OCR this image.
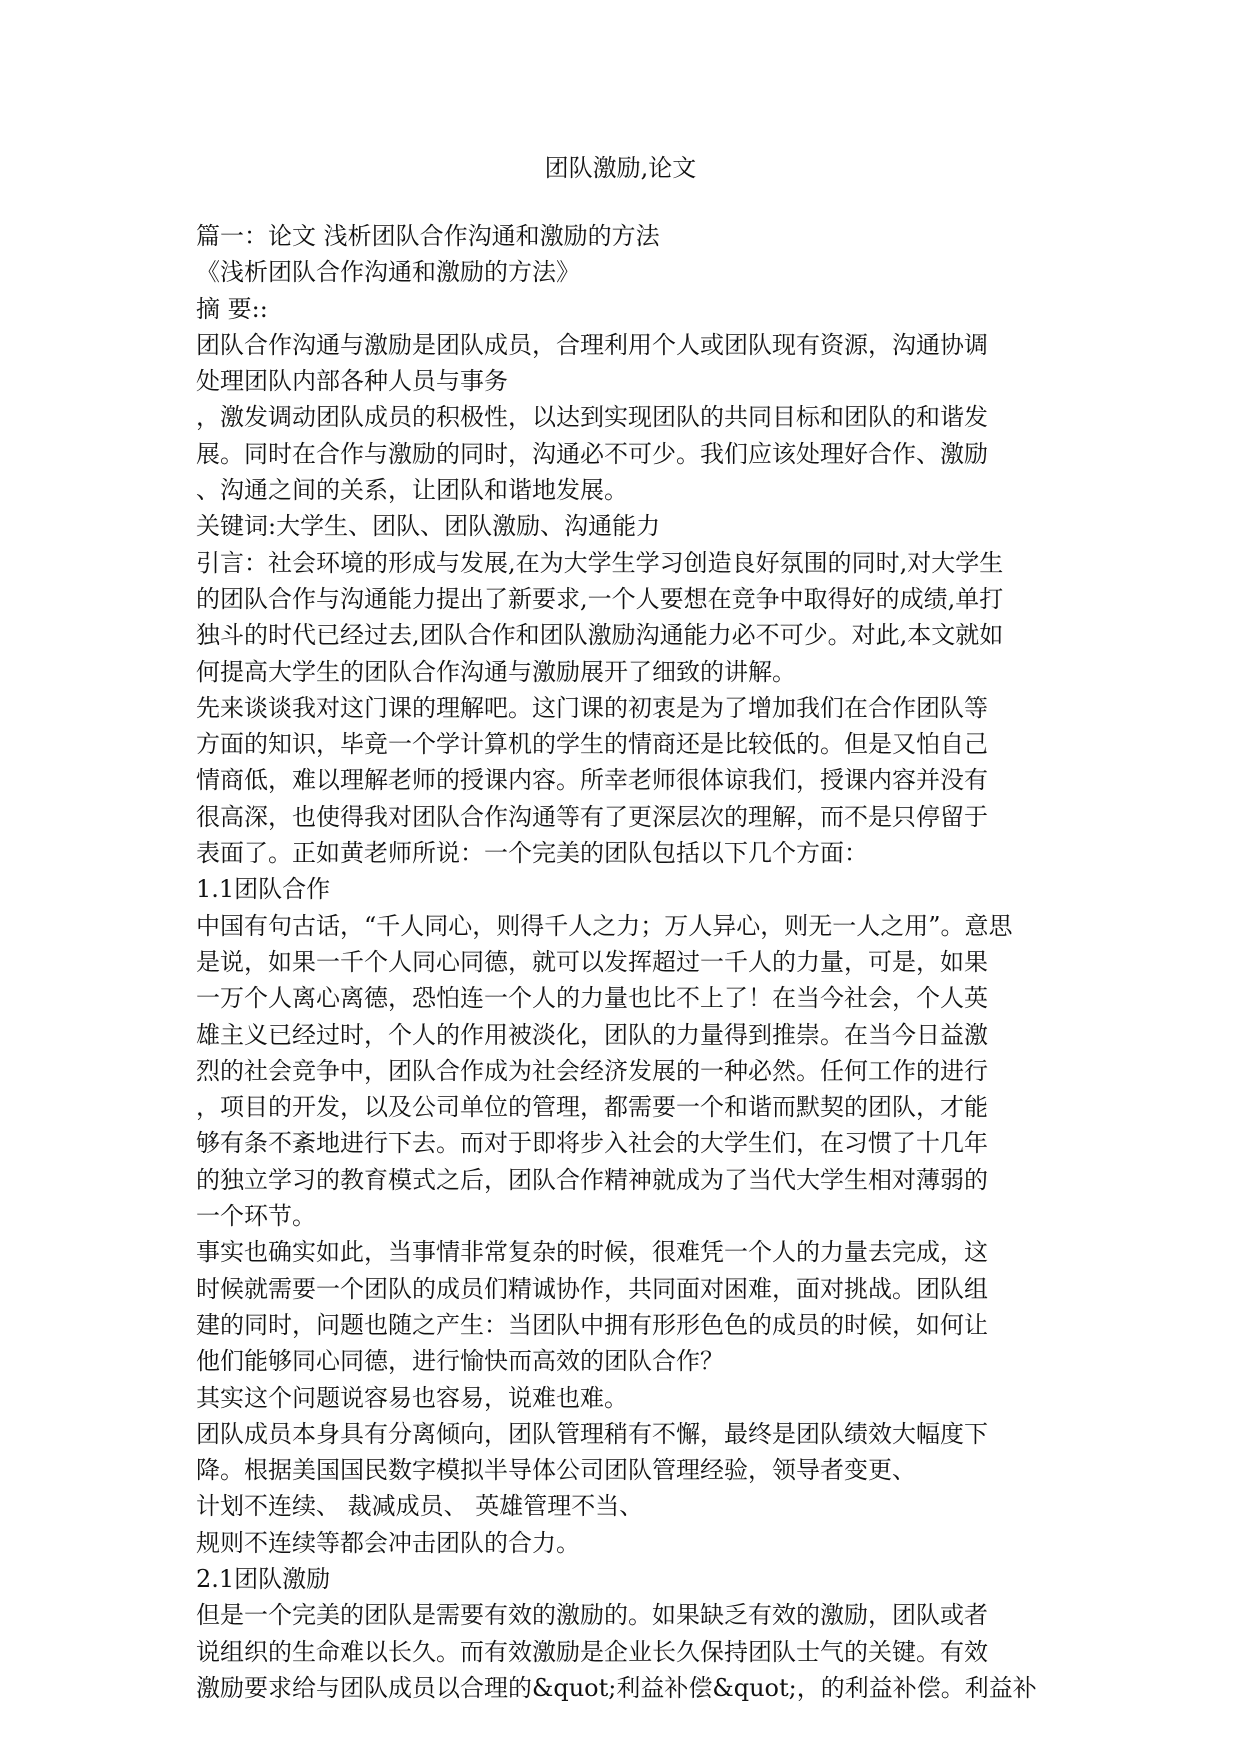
团队激励,论文
篇一：论文 浅析团队合作沟通和激励的方法
《浅析团队合作沟通和激励的方法》
摘 要::
团队合作沟通与激励是团队成员，合理利用个人或团队现有资源，沟通协调
处理团队内部各种人员与事务
，激发调动团队成员的积极性，以达到实现团队的共同目标和团队的和谐发
展。同时在合作与激励的同时，沟通必不可少。我们应该处理好合作、激励
、沟通之间的关系，让团队和谐地发展。
关键词:大学生、团队、团队激励、沟通能力
引言：社会环境的形成与发展,在为大学生学习创造良好氛围的同时,对大学生
的团队合作与沟通能力提出了新要求,一个人要想在竞争中取得好的成绩,单打
独斗的时代已经过去,团队合作和团队激励沟通能力必不可少。对此,本文就如
何提高大学生的团队合作沟通与激励展开了细致的讲解。
先来谈谈我对这门课的理解吧。这门课的初衷是为了增加我们在合作团队等
方面的知识，毕竟一个学计算机的学生的情商还是比较低的。但是又怕自己
情商低，难以理解老师的授课内容。所幸老师很体谅我们，授课内容并没有
很高深，也使得我对团队合作沟通等有了更深层次的理解，而不是只停留于
表面了。正如黄老师所说：一个完美的团队包括以下几个方面：
1.1团队合作
中国有句古话，“千人同心，则得千人之力；万人异心，则无一人之用”。意思
是说，如果一千个人同心同德，就可以发挥超过一千人的力量，可是，如果
一万个人离心离德，恐怕连一个人的力量也比不上了！在当今社会，个人英
雄主义已经过时，个人的作用被淡化，团队的力量得到推崇。在当今日益激
烈的社会竞争中，团队合作成为社会经济发展的一种必然。任何工作的进行
，项目的开发，以及公司单位的管理，都需要一个和谐而默契的团队，才能
够有条不紊地进行下去。而对于即将步入社会的大学生们，在习惯了十几年
的独立学习的教育模式之后，团队合作精神就成为了当代大学生相对薄弱的
一个环节。
事实也确实如此，当事情非常复杂的时候，很难凭一个人的力量去完成，这
时候就需要一个团队的成员们精诚协作，共同面对困难，面对挑战。团队组
建的同时，问题也随之产生：当团队中拥有形形色色的成员的时候，如何让
他们能够同心同德，进行愉快而高效的团队合作？
其实这个问题说容易也容易，说难也难。
团队成员本身具有分离倾向，团队管理稍有不懈，最终是团队绩效大幅度下
降。根据美国国民数字模拟半导体公司团队管理经验，领导者变更、
计划不连续、 裁减成员、 英雄管理不当、
规则不连续等都会冲击团队的合力。
2.1团队激励
但是一个完美的团队是需要有效的激励的。如果缺乏有效的激励，团队或者
说组织的生命难以长久。而有效激励是企业长久保持团队士气的关键。有效
激励要求给与团队成员以合理的&quot;利益补偿&quot;，的利益补偿。利益补
